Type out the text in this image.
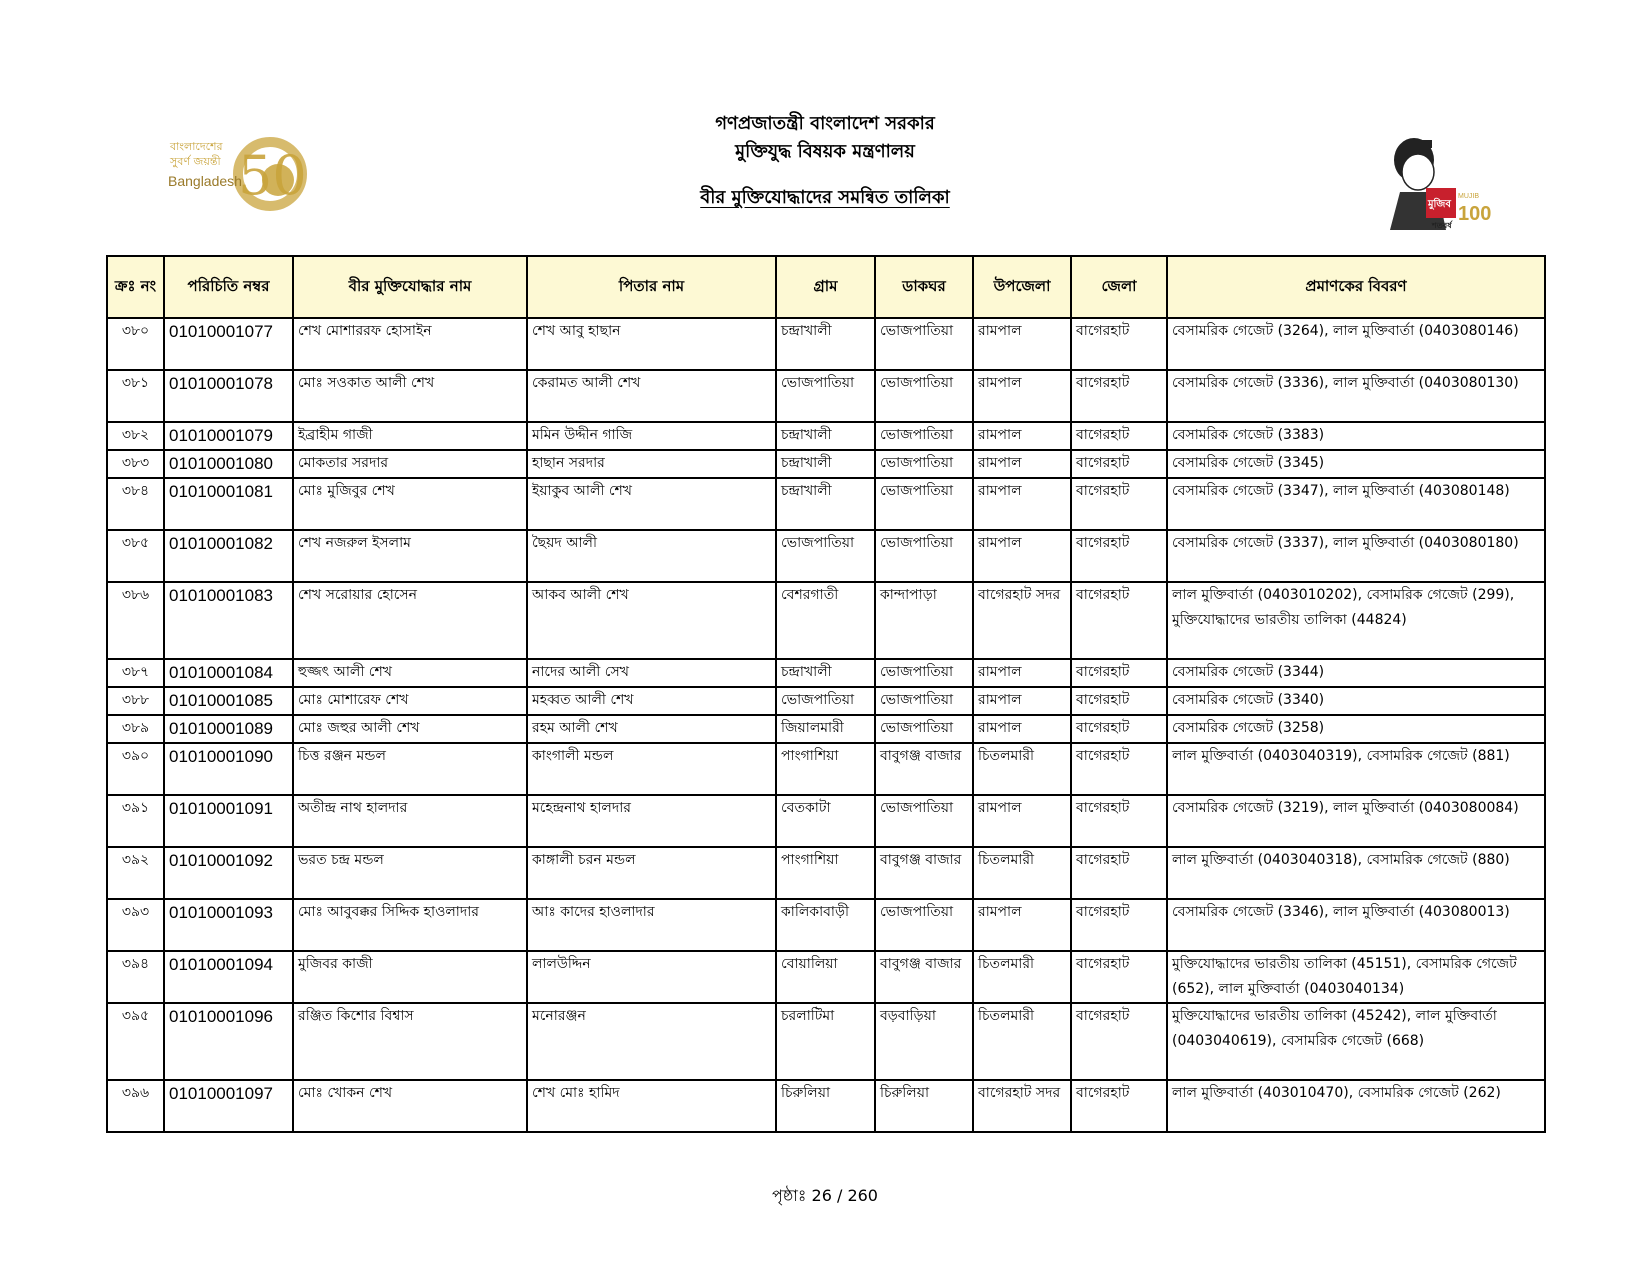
50
বাংলাদেশের
সুবর্ণ জয়ন্তী
Bangladesh
মুজিব
শতবর্ষ
MUJIB
100
গণপ্রজাতন্ত্রী বাংলাদেশ সরকার
মুক্তিযুদ্ধ বিষয়ক মন্ত্রণালয়
বীর মুক্তিযোদ্ধাদের সমন্বিত তালিকা
ক্রঃ নং	পরিচিতি নম্বর	বীর মুক্তিযোদ্ধার নাম	পিতার নাম	গ্রাম	ডাকঘর	উপজেলা	জেলা	প্রমাণকের বিবরণ
৩৮০	01010001077	শেখ মোশাররফ হোসাইন	শেখ আবু হাছান	চন্দ্রাখালী	ভোজপাতিয়া	রামপাল	বাগেরহাট	বেসামরিক গেজেট (3264), লাল মুক্তিবার্তা (0403080146)
৩৮১	01010001078	মোঃ সওকাত আলী শেখ	কেরামত আলী শেখ	ভোজপাতিয়া	ভোজপাতিয়া	রামপাল	বাগেরহাট	বেসামরিক গেজেট (3336), লাল মুক্তিবার্তা (0403080130)
৩৮২	01010001079	ইব্রাহীম গাজী	মমিন উদ্দীন গাজি	চন্দ্রাখালী	ভোজপাতিয়া	রামপাল	বাগেরহাট	বেসামরিক গেজেট (3383)
৩৮৩	01010001080	মোকতার সরদার	হাছান সরদার	চন্দ্রাখালী	ভোজপাতিয়া	রামপাল	বাগেরহাট	বেসামরিক গেজেট (3345)
৩৮৪	01010001081	মোঃ মুজিবুর শেখ	ইয়াকুব আলী শেখ	চন্দ্রাখালী	ভোজপাতিয়া	রামপাল	বাগেরহাট	বেসামরিক গেজেট (3347), লাল মুক্তিবার্তা (403080148)
৩৮৫	01010001082	শেখ নজরুল ইসলাম	ছৈয়দ আলী	ভোজপাতিয়া	ভোজপাতিয়া	রামপাল	বাগেরহাট	বেসামরিক গেজেট (3337), লাল মুক্তিবার্তা (0403080180)
৩৮৬	01010001083	শেখ সরোয়ার হোসেন	আকব আলী শেখ	বেশরগাতী	কান্দাপাড়া	বাগেরহাট সদর	বাগেরহাট	লাল মুক্তিবার্তা (0403010202), বেসামরিক গেজেট (299), মুক্তিযোদ্ধাদের ভারতীয় তালিকা (44824)
৩৮৭	01010001084	হুজ্জৎ আলী শেখ	নাদের আলী সেখ	চন্দ্রাখালী	ভোজপাতিয়া	রামপাল	বাগেরহাট	বেসামরিক গেজেট (3344)
৩৮৮	01010001085	মোঃ মোশারেফ শেখ	মহব্বত আলী শেখ	ভোজপাতিয়া	ভোজপাতিয়া	রামপাল	বাগেরহাট	বেসামরিক গেজেট (3340)
৩৮৯	01010001089	মোঃ জহুর আলী শেখ	রহম আলী শেখ	জিয়ালমারী	ভোজপাতিয়া	রামপাল	বাগেরহাট	বেসামরিক গেজেট (3258)
৩৯০	01010001090	চিত্ত রঞ্জন মন্ডল	কাংগালী মন্ডল	পাংগাশিয়া	বাবুগঞ্জ বাজার	চিতলমারী	বাগেরহাট	লাল মুক্তিবার্তা (0403040319), বেসামরিক গেজেট (881)
৩৯১	01010001091	অতীন্দ্র নাথ হালদার	মহেন্দ্রনাথ হালদার	বেতকাটা	ভোজপাতিয়া	রামপাল	বাগেরহাট	বেসামরিক গেজেট (3219), লাল মুক্তিবার্তা (0403080084)
৩৯২	01010001092	ভরত চন্দ্র মন্ডল	কাঙ্গালী চরন মন্ডল	পাংগাশিয়া	বাবুগঞ্জ বাজার	চিতলমারী	বাগেরহাট	লাল মুক্তিবার্তা (0403040318), বেসামরিক গেজেট (880)
৩৯৩	01010001093	মোঃ আবুবক্কর সিদ্দিক হাওলাদার	আঃ কাদের হাওলাদার	কালিকাবাড়ী	ভোজপাতিয়া	রামপাল	বাগেরহাট	বেসামরিক গেজেট (3346), লাল মুক্তিবার্তা (403080013)
৩৯৪	01010001094	মুজিবর কাজী	লালউদ্দিন	বোয়ালিয়া	বাবুগঞ্জ বাজার	চিতলমারী	বাগেরহাট	মুক্তিযোদ্ধাদের ভারতীয় তালিকা (45151), বেসামরিক গেজেট (652), লাল মুক্তিবার্তা (0403040134)
৩৯৫	01010001096	রঞ্জিত কিশোর বিশ্বাস	মনোরঞ্জন	চরলাটিমা	বড়বাড়িয়া	চিতলমারী	বাগেরহাট	মুক্তিযোদ্ধাদের ভারতীয় তালিকা (45242), লাল মুক্তিবার্তা (0403040619), বেসামরিক গেজেট (668)
৩৯৬	01010001097	মোঃ খোকন শেখ	শেখ মোঃ হামিদ	চিরুলিয়া	চিরুলিয়া	বাগেরহাট সদর	বাগেরহাট	লাল মুক্তিবার্তা (403010470), বেসামরিক গেজেট (262)
পৃষ্ঠাঃ 26 / 260
